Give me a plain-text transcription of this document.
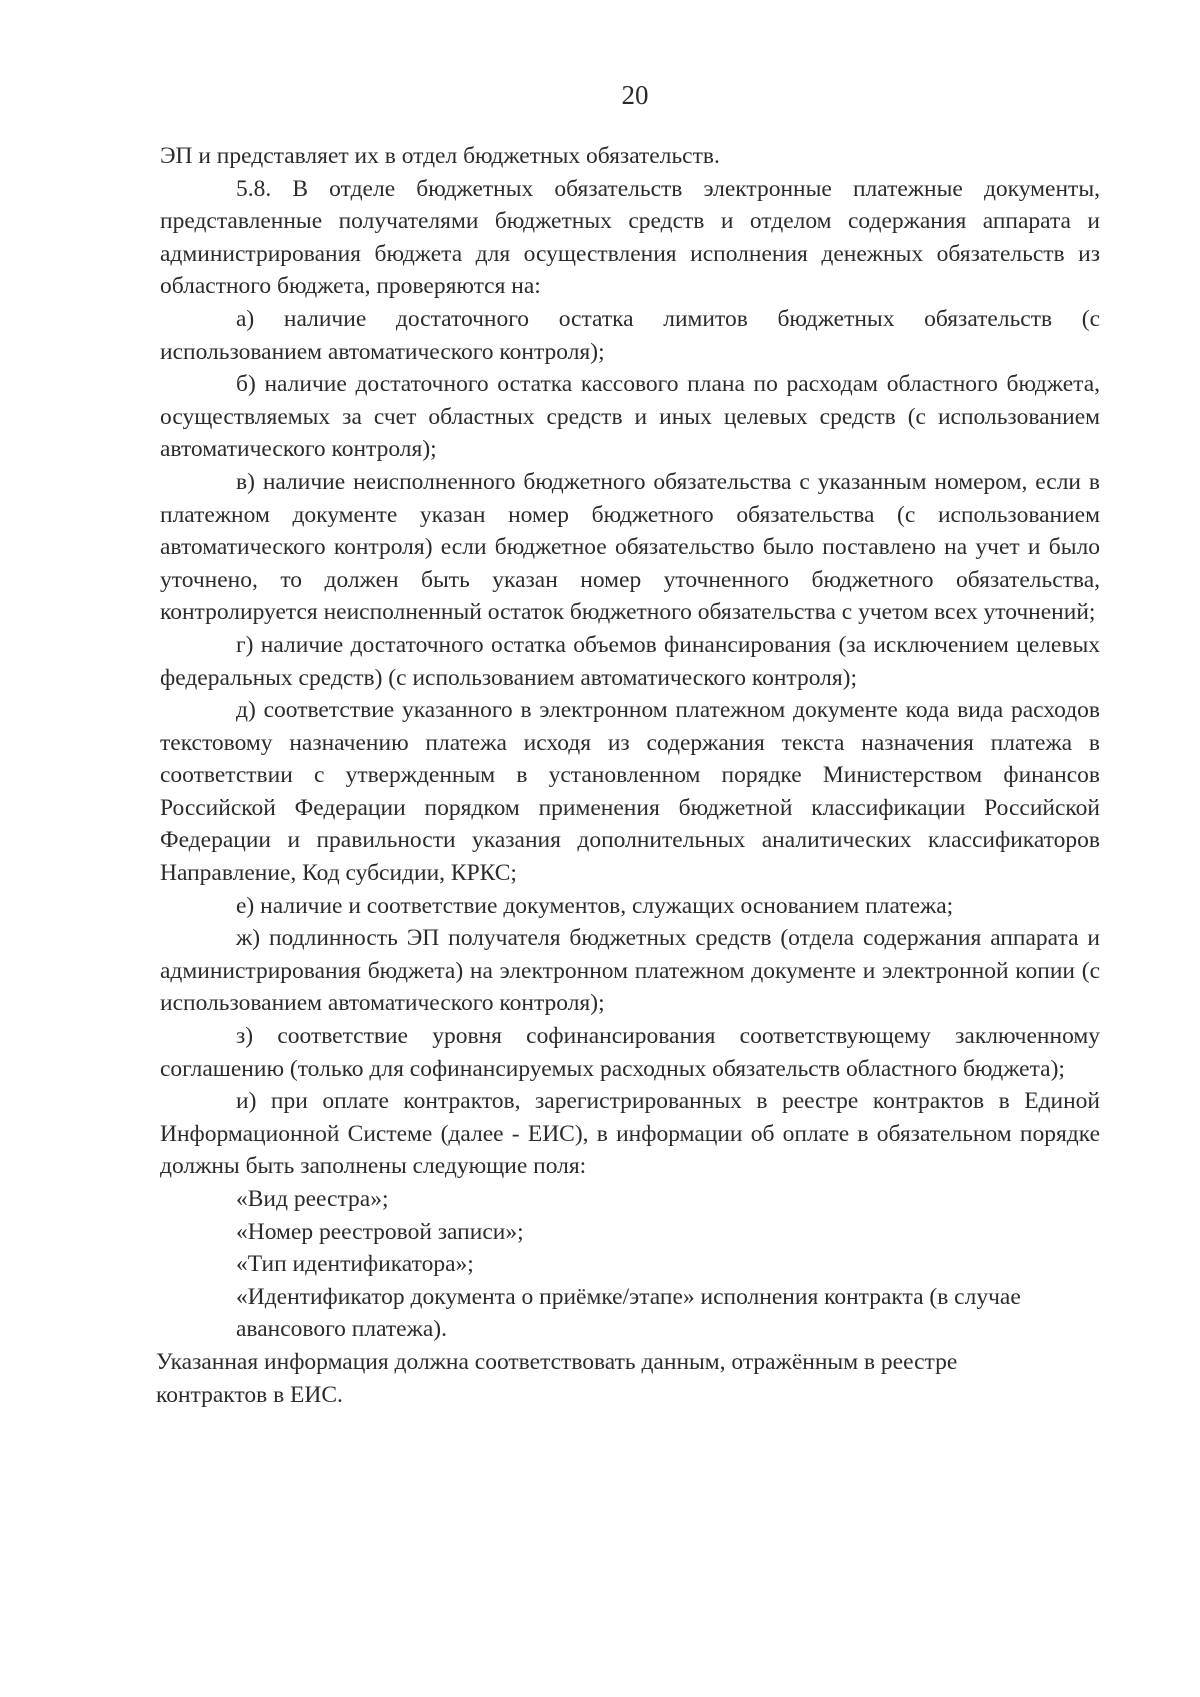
20

ЭП и представляет их в отдел бюджетных обязательств.

5.8. В отделе бюджетных обязательств электронные платежные документы, представленные получателями бюджетных средств и отделом содержания аппарата и администрирования бюджета для осуществления исполнения денежных обязательств из областного бюджета, проверяются на:

а) наличие достаточного остатка лимитов бюджетных обязательств (с использованием автоматического контроля);

б) наличие достаточного остатка кассового плана по расходам областного бюджета, осуществляемых за счет областных средств и иных целевых средств (с использованием автоматического контроля);

в) наличие неисполненного бюджетного обязательства с указанным номером, если в платежном документе указан номер бюджетного обязательства (с использованием автоматического контроля) если бюджетное обязательство было поставлено на учет и было уточнено, то должен быть указан номер уточненного бюджетного обязательства, контролируется неисполненный остаток бюджетного обязательства с учетом всех уточнений;

г) наличие достаточного остатка объемов финансирования (за исключением целевых федеральных средств) (с использованием автоматического контроля);

д) соответствие указанного в электронном платежном документе кода вида расходов текстовому назначению платежа исходя из содержания текста назначения платежа в соответствии с утвержденным в установленном порядке Министерством финансов Российской Федерации порядком применения бюджетной классификации Российской Федерации и правильности указания дополнительных аналитических классификаторов Направление, Код субсидии, КРКС;

е) наличие и соответствие документов, служащих основанием платежа;

ж) подлинность ЭП получателя бюджетных средств (отдела содержания аппарата и администрирования бюджета) на электронном платежном документе и электронной копии (с использованием автоматического контроля);

з) соответствие уровня софинансирования соответствующему заключенному соглашению (только для софинансируемых расходных обязательств областного бюджета);

и) при оплате контрактов, зарегистрированных в реестре контрактов в Единой Информационной Системе (далее - ЕИС), в информации об оплате в обязательном порядке должны быть заполнены следующие поля:

«Вид реестра»;

«Номер реестровой записи»;

«Тип идентификатора»;

«Идентификатор документа о приёмке/этапе» исполнения контракта (в случае авансового платежа).

Указанная информация должна соответствовать данным, отражённым в реестре контрактов в ЕИС.
